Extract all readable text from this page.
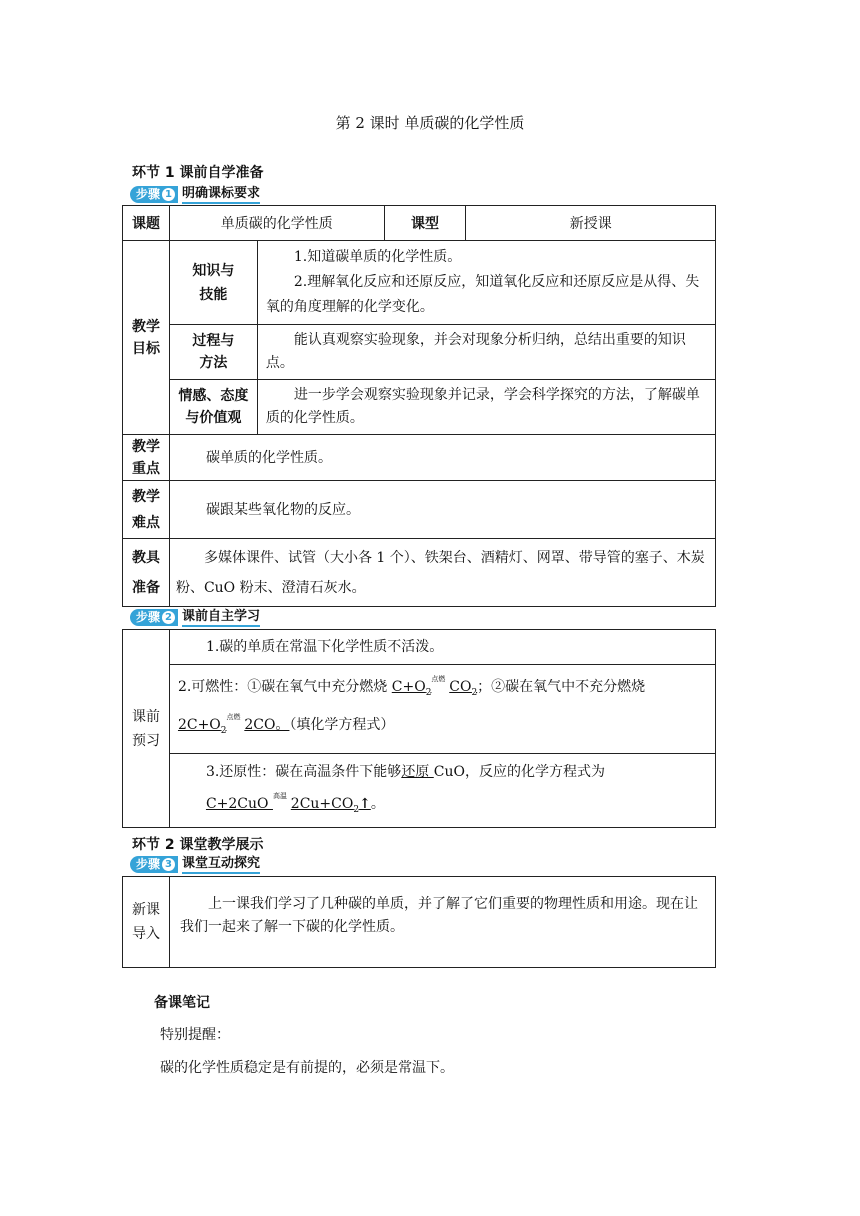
第 2 课时 单质碳的化学性质
环节 1 课前自学准备
步骤 1 明确课标要求
课题	单质碳的化学性质		课型	新授课
教学目标	知识与技能	1.知道碳单质的化学性质。
2.理解氧化反应和还原反应，知道氧化反应和还原反应是从得、失氧的角度理解的化学变化。		

	过程与方法	能认真观察实验现象，并会对现象分析归纳，总结出重要的知识点。		
	情感、态度与价值观	进一步学会观察实验现象并记录，学会科学探究的方法，了解碳单质的化学性质。		
教学重点	碳单质的化学性质。			
教学难点	碳跟某些氧化物的反应。			
教具准备	多媒体课件、试管（大小各 1 个）、铁架台、酒精灯、网罩、带导管的塞子、木炭粉、CuO 粉末、澄清石灰水。			
步骤 2 课前自主学习
课前预习	1.碳的单质在常温下化学性质不活泼。
2.可燃性：①碳在氧气中充分燃烧 $C+O_2$
点燃 $CO_2$；②碳在氧气中不充分燃烧
$2C+O_2$
点燃 2CO。（填化学方程式）
3.还原性：碳在高温条件下能够还原 CuO，反应的化学方程式为
C+2CuO 高温 $2Cu+CO_2↑$。
环节 2 课堂教学展示
步骤 3 课堂互动探究
新课导入	上一课我们学习了几种碳的单质，并了解了它们重要的物理性质和用途。现在让我们一起来了解一下碳的化学性质。
备课笔记
特别提醒：
碳的化学性质稳定是有前提的，必须是常温下。
